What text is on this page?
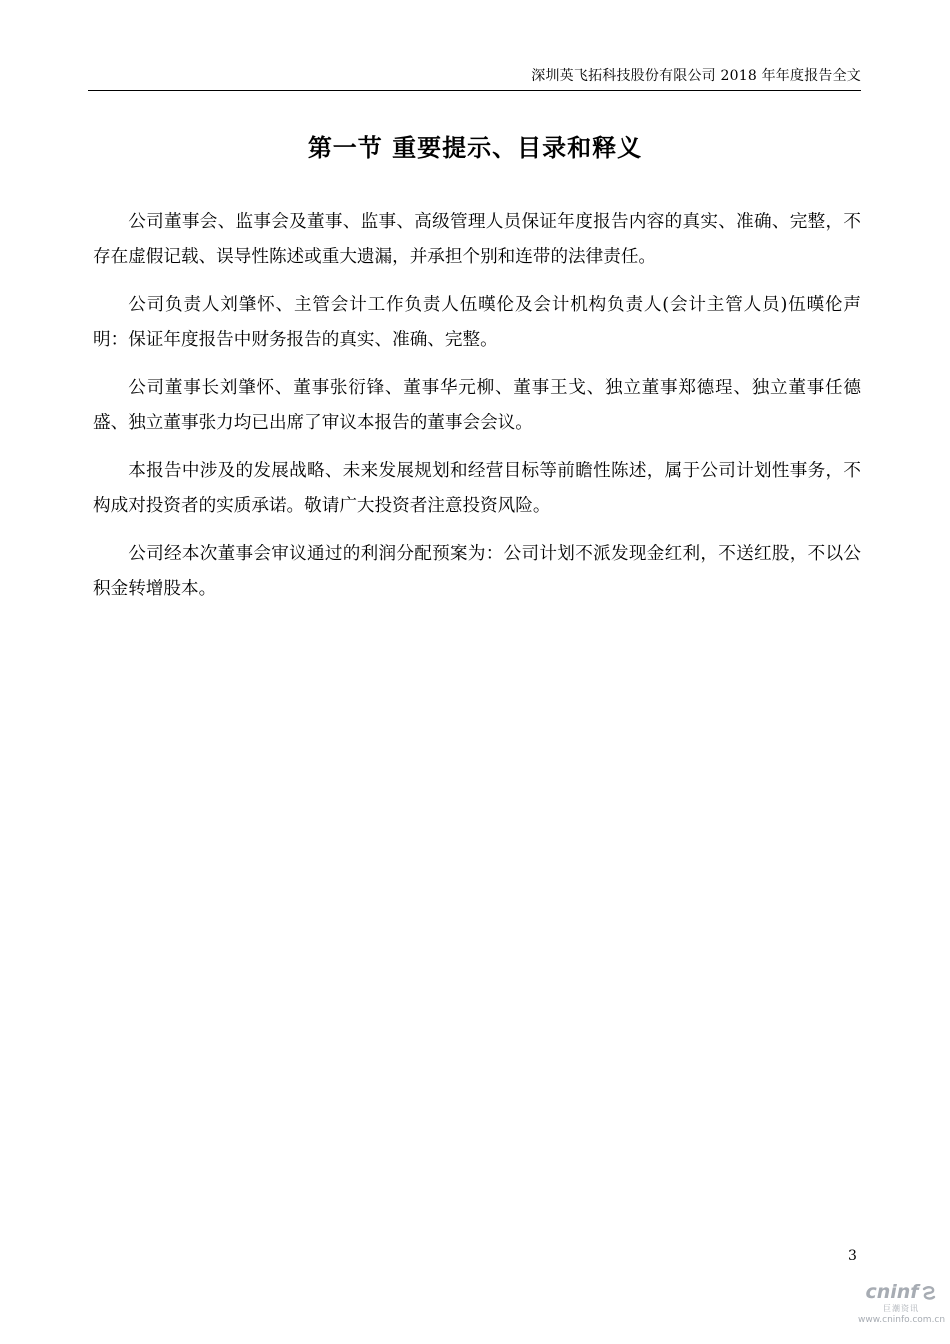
深圳英飞拓科技股份有限公司 2018 年年度报告全文
第一节 重要提示、目录和释义

公司董事会、监事会及董事、监事、高级管理人员保证年度报告内容的真实、准确、完整，不存在虚假记载、误导性陈述或重大遗漏，并承担个别和连带的法律责任。

公司负责人刘肇怀、主管会计工作负责人伍暵伦及会计机构负责人(会计主管人员)伍暵伦声明：保证年度报告中财务报告的真实、准确、完整。

公司董事长刘肇怀、董事张衍锋、董事华元柳、董事王戈、独立董事郑德珵、独立董事任德盛、独立董事张力均已出席了审议本报告的董事会会议。

本报告中涉及的发展战略、未来发展规划和经营目标等前瞻性陈述，属于公司计划性事务，不构成对投资者的实质承诺。敬请广大投资者注意投资风险。

公司经本次董事会审议通过的利润分配预案为：公司计划不派发现金红利，不送红股，不以公积金转增股本。

3
cninf
巨潮资讯
www.cninfo.com.cn
